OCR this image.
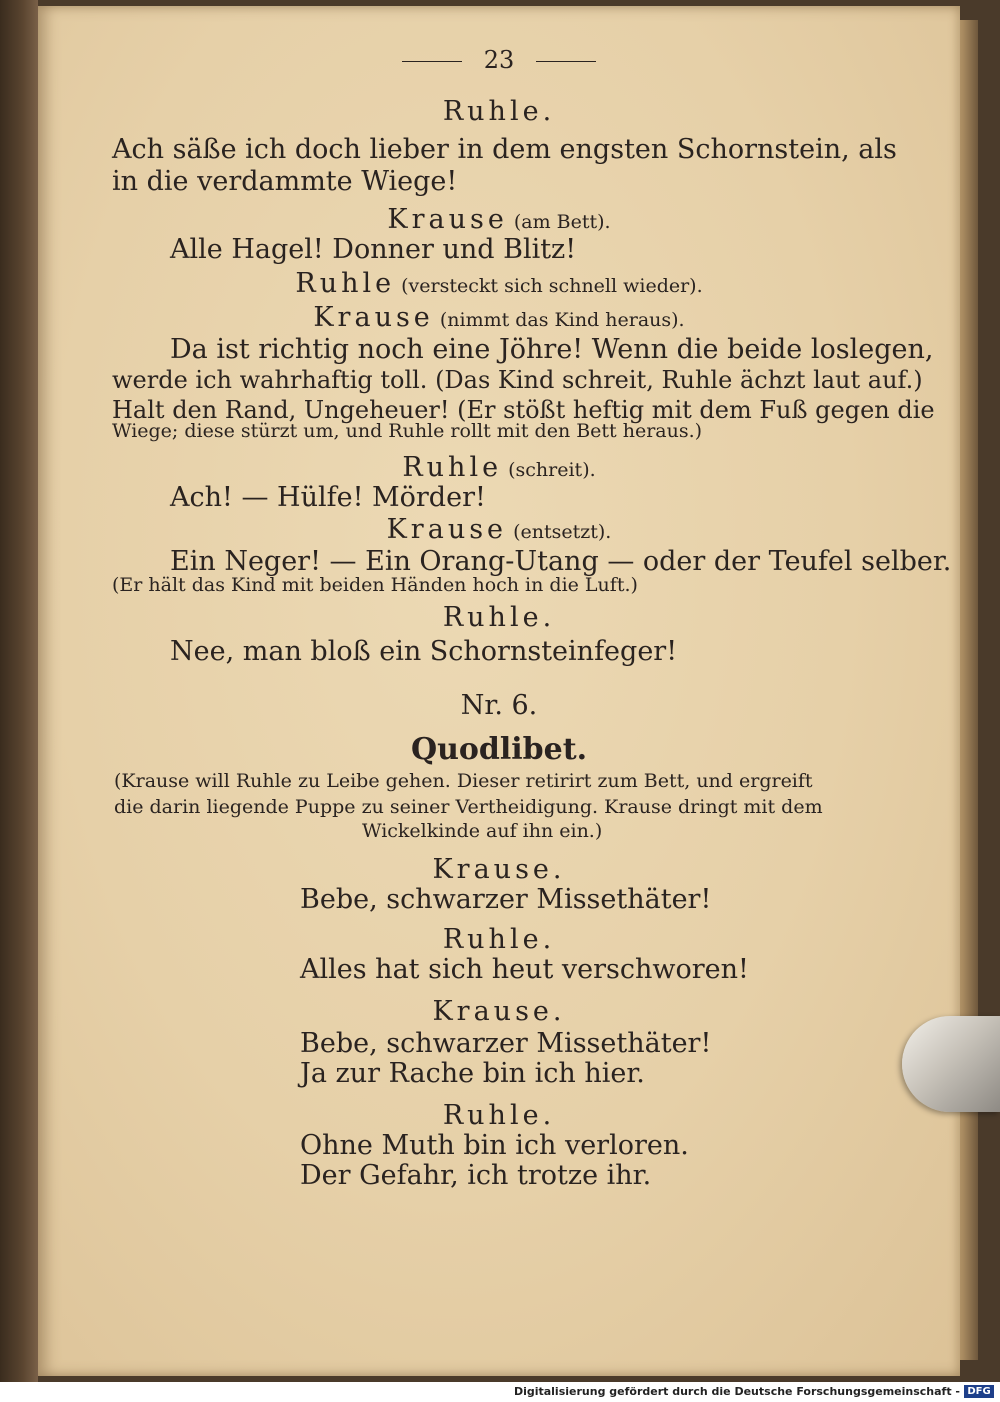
23
Ruhle.
Ach säße ich doch lieber in dem engsten Schornstein, als
in die verdammte Wiege!
Krause (am Bett).
Alle Hagel! Donner und Blitz!
Ruhle (versteckt sich schnell wieder).
Krause (nimmt das Kind heraus).
Da ist richtig noch eine Jöhre! Wenn die beide loslegen,
werde ich wahrhaftig toll. (Das Kind schreit, Ruhle ächzt laut auf.)
Halt den Rand, Ungeheuer! (Er stößt heftig mit dem Fuß gegen die
Wiege; diese stürzt um, und Ruhle rollt mit den Bett heraus.)
Ruhle (schreit).
Ach! — Hülfe! Mörder!
Krause (entsetzt).
Ein Neger! — Ein Orang-Utang — oder der Teufel selber.
(Er hält das Kind mit beiden Händen hoch in die Luft.)
Ruhle.
Nee, man bloß ein Schornsteinfeger!
Nr. 6.
Quodlibet.
(Krause will Ruhle zu Leibe gehen. Dieser retirirt zum Bett, und ergreift
die darin liegende Puppe zu seiner Vertheidigung. Krause dringt mit dem
Wickelkinde auf ihn ein.)
Krause.
Bebe, schwarzer Missethäter!
Ruhle.
Alles hat sich heut verschworen!
Krause.
Bebe, schwarzer Missethäter!
Ja zur Rache bin ich hier.
Ruhle.
Ohne Muth bin ich verloren.
Der Gefahr, ich trotze ihr.
Digitalisierung gefördert durch die Deutsche Forschungsgemeinschaft - DFG
